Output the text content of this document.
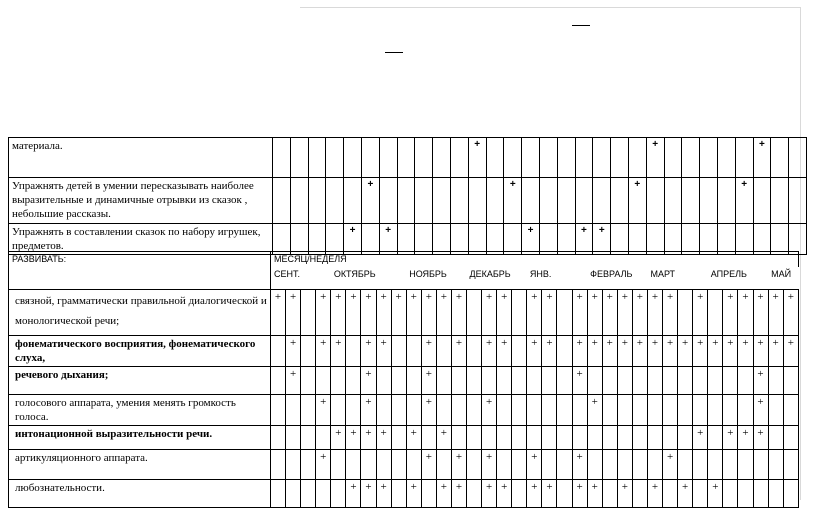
материала.												+										+						+		
Упражнять детей в умении пересказывать наиболее выразительные и динамичные отрывки из сказок , небольшие рассказы.						+								+							+						+			
Упражнять в составлении сказок по набору игрушек, предметов.					+		+								+			+	+											
РАЗВИВАТЬ:	МЕСЯЦ/НЕДЕЛЯ																																		
	СЕНТ.				ОКТЯБРЬ					НОЯБРЬ				ДЕКАБРЬ				ЯНВ.				ФЕВРАЛЬ				МАРТ				АПРЕЛЬ				МАЙ	
связной, грамматически правильной диалогической и монологической речи;	+	+		+	+	+	+	+	+	+	+	+	+		+	+		+	+		+	+	+	+	+	+	+		+		+	+	+	+	+
фонематического восприятия, фонематического слуха,		+		+	+		+	+			+		+		+	+		+	+		+	+	+	+	+	+	+	+	+	+	+	+	+	+	+
речевого дыхания;		+					+				+										+												+		
голосового аппарата, умения менять громкость голоса.				+			+				+				+							+											+		
интонационной выразительности речи.					+	+	+	+		+		+																	+		+	+	+		
артикуляционного аппарата.				+							+		+		+			+			+						+								
любознательности.						+	+	+		+		+	+		+	+		+	+		+	+		+		+		+		+					
